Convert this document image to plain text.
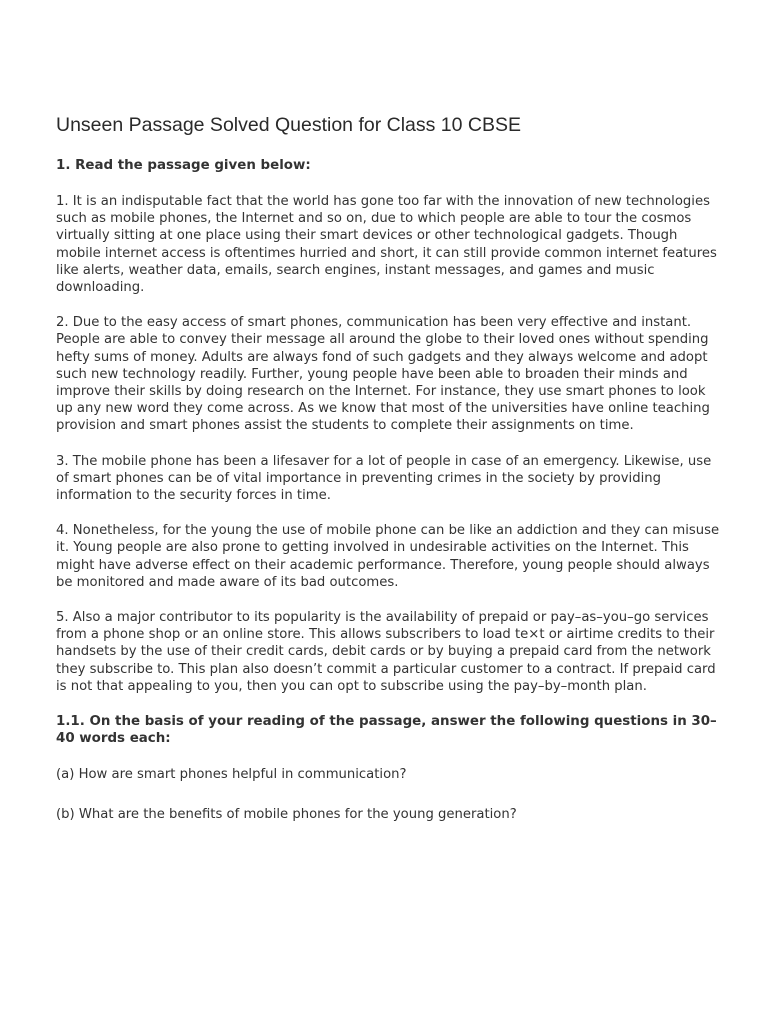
Unseen Passage Solved Question for Class 10 CBSE
1. Read the passage given below:

1. It is an indisputable fact that the world has gone too far with the innovation of new technologies such as mobile phones, the Internet and so on, due to which people are able to tour the cosmos virtually sitting at one place using their smart devices or other technological gadgets. Though mobile internet access is oftentimes hurried and short, it can still provide common internet features like alerts, weather data, emails, search engines, instant messages, and games and music downloading.

2. Due to the easy access of smart phones, communication has been very effective and instant. People are able to convey their message all around the globe to their loved ones without spending hefty sums of money. Adults are always fond of such gadgets and they always welcome and adopt such new technology readily. Further, young people have been able to broaden their minds and improve their skills by doing research on the Internet. For instance, they use smart phones to look up any new word they come across. As we know that most of the universities have online teaching provision and smart phones assist the students to complete their assignments on time.

3. The mobile phone has been a lifesaver for a lot of people in case of an emergency. Likewise, use of smart phones can be of vital importance in preventing crimes in the society by providing information to the security forces in time.

4. Nonetheless, for the young the use of mobile phone can be like an addiction and they can misuse it. Young people are also prone to getting involved in undesirable activities on the Internet. This might have adverse effect on their academic performance. Therefore, young people should always be monitored and made aware of its bad outcomes.

5. Also a major contributor to its popularity is the availability of prepaid or pay–as–you–go services from a phone shop or an online store. This allows subscribers to load te×t or airtime credits to their handsets by the use of their credit cards, debit cards or by buying a prepaid card from the network they subscribe to. This plan also doesn’t commit a particular customer to a contract. If prepaid card is not that appealing to you, then you can opt to subscribe using the pay–by–month plan.

1.1. On the basis of your reading of the passage, answer the following questions in 30–40 words each:
(a) How are smart phones helpful in communication?
(b) What are the benefits of mobile phones for the young generation?
